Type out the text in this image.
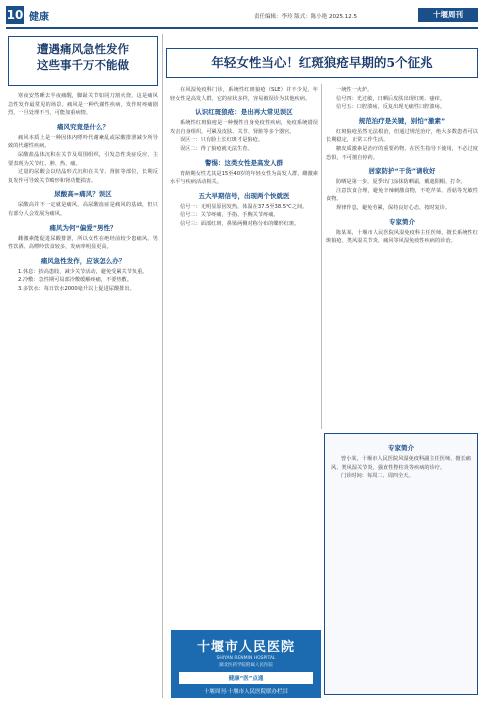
10 健康	责任编辑：李玲 版式：陈小艳 2025.12.5	十堰周刊
遭遇痛风急性发作
这些事千万不能做

寒夜安然睡去半夜痛醒，脚趾关节如同刀割火烧，这是痛风急性发作最常见的场景。痛风是一种代谢性疾病，发作时疼痛剧烈，一旦处理不当，可能加重病情。

痛风究竟是什么？

痛风本质上是一种因体内嘌呤代谢紊乱或尿酸排泄减少所导致的代谢性疾病。

尿酸盐晶体沉积在关节及周围组织，引发急性炎症反应，主要表现为关节红、肿、热、痛。

过量的尿酸会以结晶形式沉积在关节、肾脏等部位，长期反复发作可导致关节畸形和肾功能损害。

尿酸高=痛风？误区

尿酸高并不一定就是痛风，高尿酸血症是痛风的基础，但只有部分人会发展为痛风。

痛风为何“偏爱”男性？

雌激素能促进尿酸排泄，所以女性在绝经前较少患痛风。男性饮酒、高嘌呤饮食较多，发病率明显更高。

痛风急性发作，应该怎么办？

1.休息：抬高患肢，减少关节活动，避免受累关节负重。

2.冷敷：急性期可局部冷敷缓解疼痛，不要热敷。

3.多饮水：每日饮水2000毫升以上促进尿酸排出。

年轻女性当心！红斑狼疮早期的5个征兆

在风湿免疫科门诊，系统性红斑狼疮（SLE）并不少见，年轻女性是高发人群。它的症状多样，容易被误诊为其他疾病。

认识红斑狼疮：是出再大常见误区

系统性红斑狼疮是一种慢性自身免疫性疾病，免疫系统错误攻击自身组织，可累及皮肤、关节、肾脏等多个器官。

误区一：只有脸上长红斑才是狼疮。

误区二：得了狼疮就无法生育。

警惕：这类女性是高发人群

育龄期女性尤其是15至40岁的年轻女性为高发人群，雌激素水平与疾病活动相关。

五大早期信号，出现两个快就医

信号一：无明显原因发热，体温在37.5至38.5℃之间。

信号二：关节疼痛，手指、手腕关节疼痛。

信号三：面部红斑，鼻梁两侧对称分布的蝶形红斑。

一统性一火炉。

信号四：光过敏，日晒后皮肤出现红斑、瘙痒。

信号五：口腔溃疡，反复出现无痛性口腔溃疡。

规范治疗是关键，别怕“激素”

红斑狼疮虽然无法根治，但通过规范治疗，绝大多数患者可以长期稳定，正常工作生活。

糖皮质激素是治疗的重要药物，在医生指导下使用，不必过度恐惧，不可擅自停药。

居家防护“干货”请收好

防晒是第一步，夏季出门涂抹防晒霜，戴遮阳帽、打伞。

注意饮食合理，避免辛辣刺激食物，不吃芹菜、香菇等光敏性食物。

规律作息，避免劳累，保持良好心态，按时复诊。

专家简介

陈某某，十堰市人民医院风湿免疫科主任医师，擅长系统性红斑狼疮、类风湿关节炎、痛风等风湿免疫性疾病的诊治。

专家简介

曾小某，十堰市人民医院风湿免疫科副主任医师，擅长痛风、类风湿关节炎、强直性脊柱炎等疾病的诊疗。

门诊时间：每周二、周四全天。

十堰市人民医院
SHIYAN RENMIN HOSPITAL
湖北医药学院附属人民医院
健康“医”点通
十堰周刊·十堰市人民医院联办栏目
